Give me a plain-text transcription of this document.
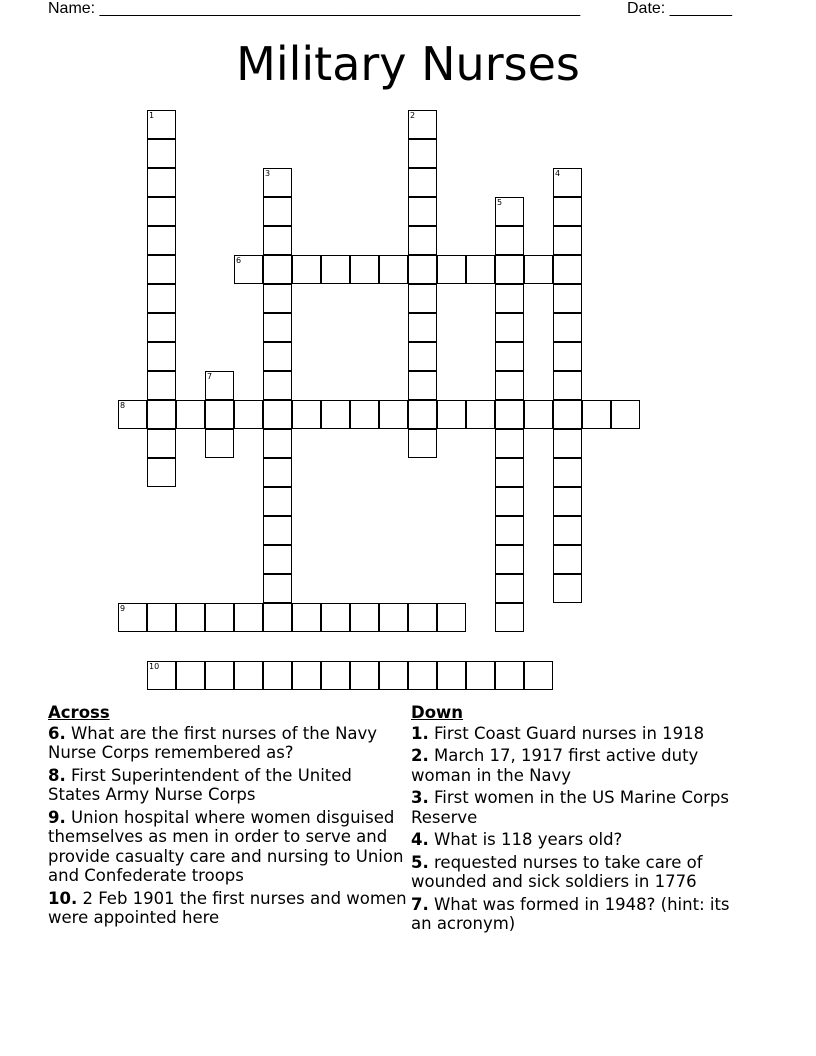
Name: ______________________________________________________	Date: _______
Military Nurses
1	2
3	4
5
6
7
8
9
10
Across
6. What are the first nurses of the Navy Nurse Corps remembered as?
8. First Superintendent of the United States Army Nurse Corps
9. Union hospital where women disguised themselves as men in order to serve and provide casualty care and nursing to Union and Confederate troops
10. 2 Feb 1901 the first nurses and women were appointed here
Down
1. First Coast Guard nurses in 1918
2. March 17, 1917 first active duty woman in the Navy
3. First women in the US Marine Corps Reserve
4. What is 118 years old?
5. requested nurses to take care of wounded and sick soldiers in 1776
7. What was formed in 1948? (hint: its an acronym)
